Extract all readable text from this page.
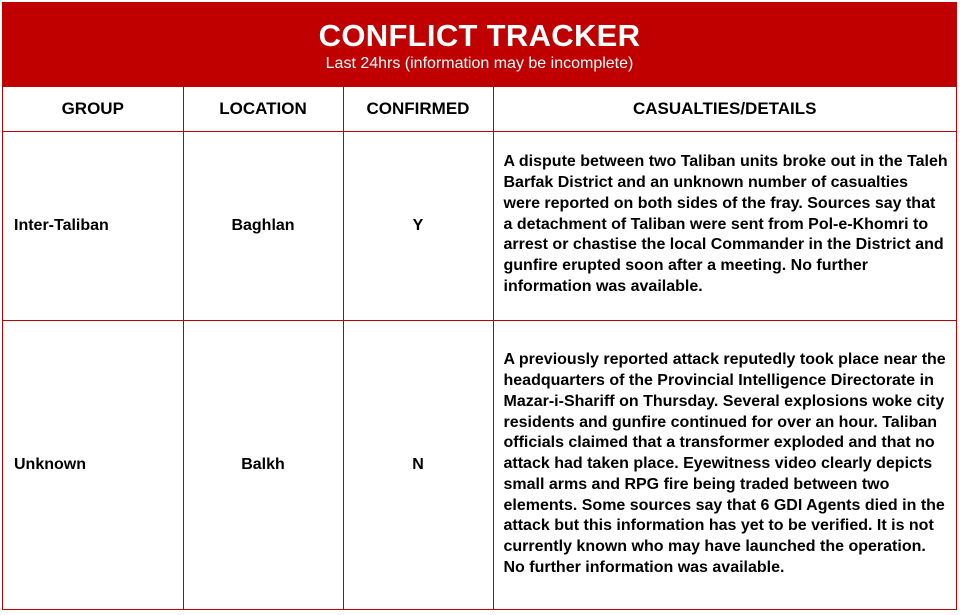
CONFLICT TRACKER
Last 24hrs (information may be incomplete)
GROUP	LOCATION	CONFIRMED	CASUALTIES/DETAILS
Inter-Taliban	Baghlan	Y	A dispute between two Taliban units broke out in the Taleh Barfak District and an unknown number of casualties were reported on both sides of the fray. Sources say that a detachment of Taliban were sent from Pol-e-Khomri to arrest or chastise the local Commander in the District and gunfire erupted soon after a meeting. No further information was available.
Unknown	Balkh	N	A previously reported attack reputedly took place near the headquarters of the Provincial Intelligence Directorate in Mazar-i-Shariff on Thursday. Several explosions woke city residents and gunfire continued for over an hour. Taliban officials claimed that a transformer exploded and that no attack had taken place. Eyewitness video clearly depicts small arms and RPG fire being traded between two elements. Some sources say that 6 GDI Agents died in the attack but this information has yet to be verified. It is not currently known who may have launched the operation. No further information was available.
